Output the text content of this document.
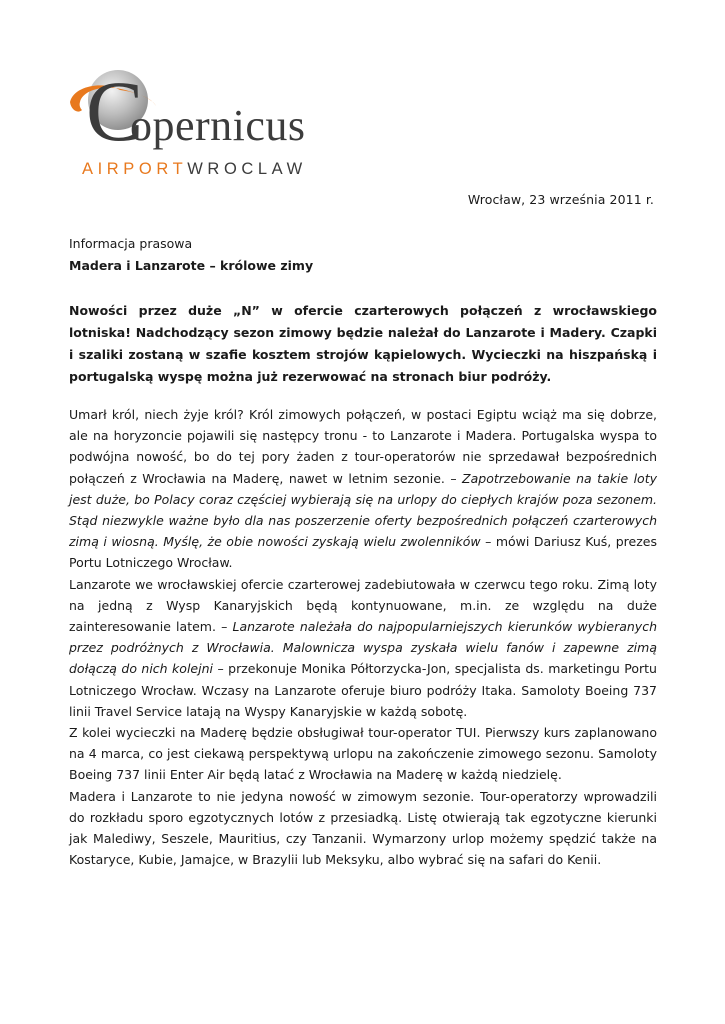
C
opernicus
AIRPORTWROCLAW
Wrocław, 23 września 2011 r.
Informacja prasowa
Madera i Lanzarote – królowe zimy
Nowości przez duże „N” w ofercie czarterowych połączeń z wrocławskiego lotniska! Nadchodzący sezon zimowy będzie należał do Lanzarote i Madery. Czapki i szaliki zostaną w szafie kosztem strojów kąpielowych. Wycieczki na hiszpańską i portugalską wyspę można już rezerwować na stronach biur podróży.

Umarł król, niech żyje król? Król zimowych połączeń, w postaci Egiptu wciąż ma się dobrze, ale na horyzoncie pojawili się następcy tronu - to Lanzarote i Madera. Portugalska wyspa to podwójna nowość, bo do tej pory żaden z tour-operatorów nie sprzedawał bezpośrednich połączeń z Wrocławia na Maderę, nawet w letnim sezonie. – Zapotrzebowanie na takie loty jest duże, bo Polacy coraz częściej wybierają się na urlopy do ciepłych krajów poza sezonem. Stąd niezwykle ważne było dla nas poszerzenie oferty bezpośrednich połączeń czarterowych zimą i wiosną. Myślę, że obie nowości zyskają wielu zwolenników – mówi Dariusz Kuś, prezes Portu Lotniczego Wrocław.

Lanzarote we wrocławskiej ofercie czarterowej zadebiutowała w czerwcu tego roku. Zimą loty na jedną z Wysp Kanaryjskich będą kontynuowane, m.in. ze względu na duże zainteresowanie latem. – Lanzarote należała do najpopularniejszych kierunków wybieranych przez podróżnych z Wrocławia. Malownicza wyspa zyskała wielu fanów i zapewne zimą dołączą do nich kolejni – przekonuje Monika Półtorzycka-Jon, specjalista ds. marketingu Portu Lotniczego Wrocław. Wczasy na Lanzarote oferuje biuro podróży Itaka. Samoloty Boeing 737 linii Travel Service latają na Wyspy Kanaryjskie w każdą sobotę.

Z kolei wycieczki na Maderę będzie obsługiwał tour-operator TUI. Pierwszy kurs zaplanowano na 4 marca, co jest ciekawą perspektywą urlopu na zakończenie zimowego sezonu. Samoloty Boeing 737 linii Enter Air będą latać z Wrocławia na Maderę w każdą niedzielę.

Madera i Lanzarote to nie jedyna nowość w zimowym sezonie. Tour-operatorzy wprowadzili do rozkładu sporo egzotycznych lotów z przesiadką. Listę otwierają tak egzotyczne kierunki jak Malediwy, Seszele, Mauritius, czy Tanzanii. Wymarzony urlop możemy spędzić także na Kostaryce, Kubie, Jamajce, w Brazylii lub Meksyku, albo wybrać się na safari do Kenii.
